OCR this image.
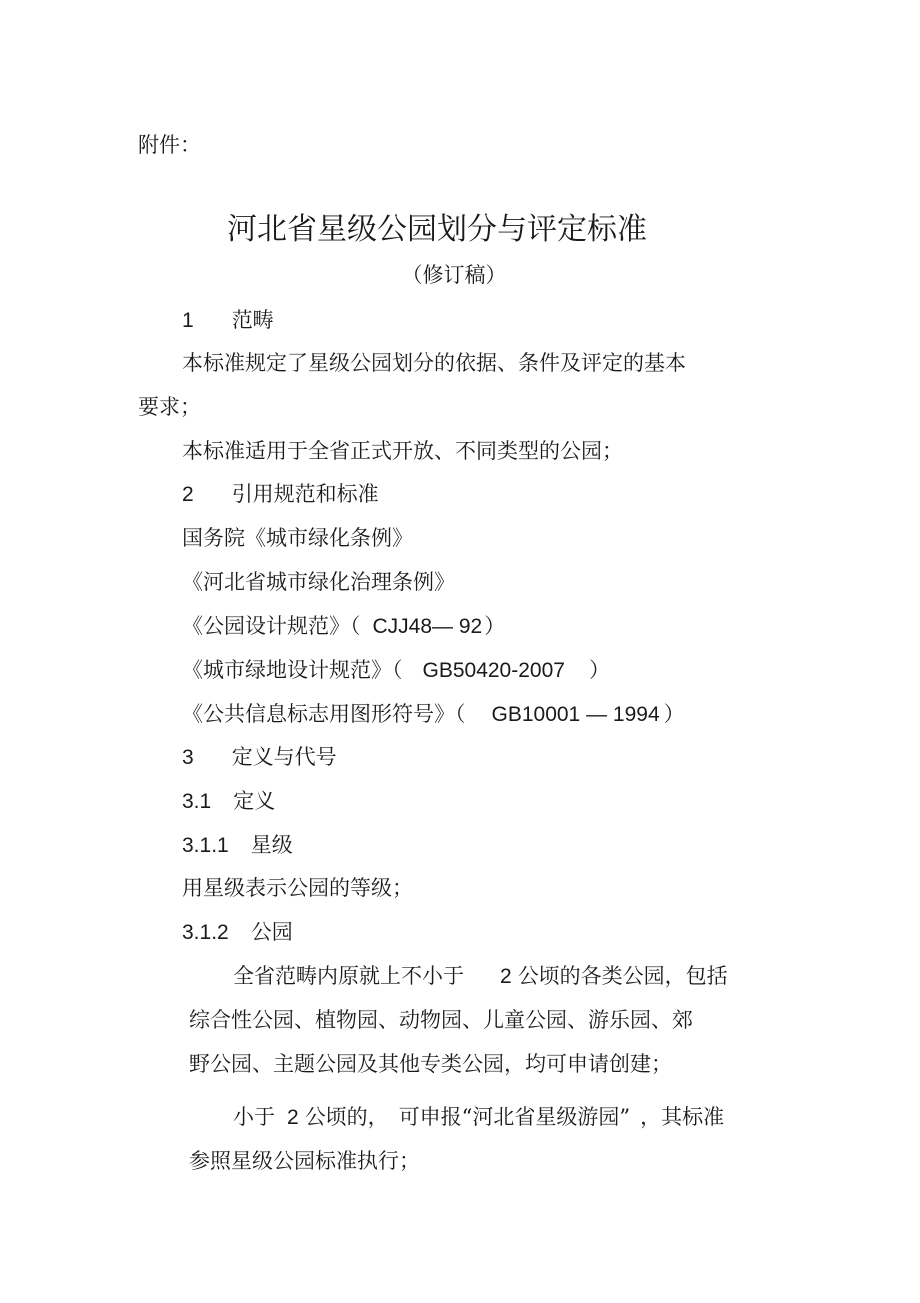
附件：

河北省星级公园划分与评定标准

（修订稿）

1 范畴

本标准规定了星级公园划分的依据、条件及评定的基本

要求；

本标准适用于全省正式开放、不同类型的公园；

2 引用规范和标准

国务院《城市绿化条例》

《河北省城市绿化治理条例》

《公园设计规范》（ CJJ48— 92）

《城市绿地设计规范》（ GB50420-2007 ）

《公共信息标志用图形符号》（ GB10001 — 1994 ）

3 定义与代号

3.1 定义

3.1.1 星级

用星级表示公园的等级；

3.1.2 公园

全省范畴内原就上不小于 2 公顷的各类公园，包括

综合性公园、植物园、动物园、儿童公园、游乐园、郊

野公园、主题公园及其他专类公园，均可申请创建；

小于 2 公顷的， 可申报“河北省星级游园” ，其标准

参照星级公园标准执行；
